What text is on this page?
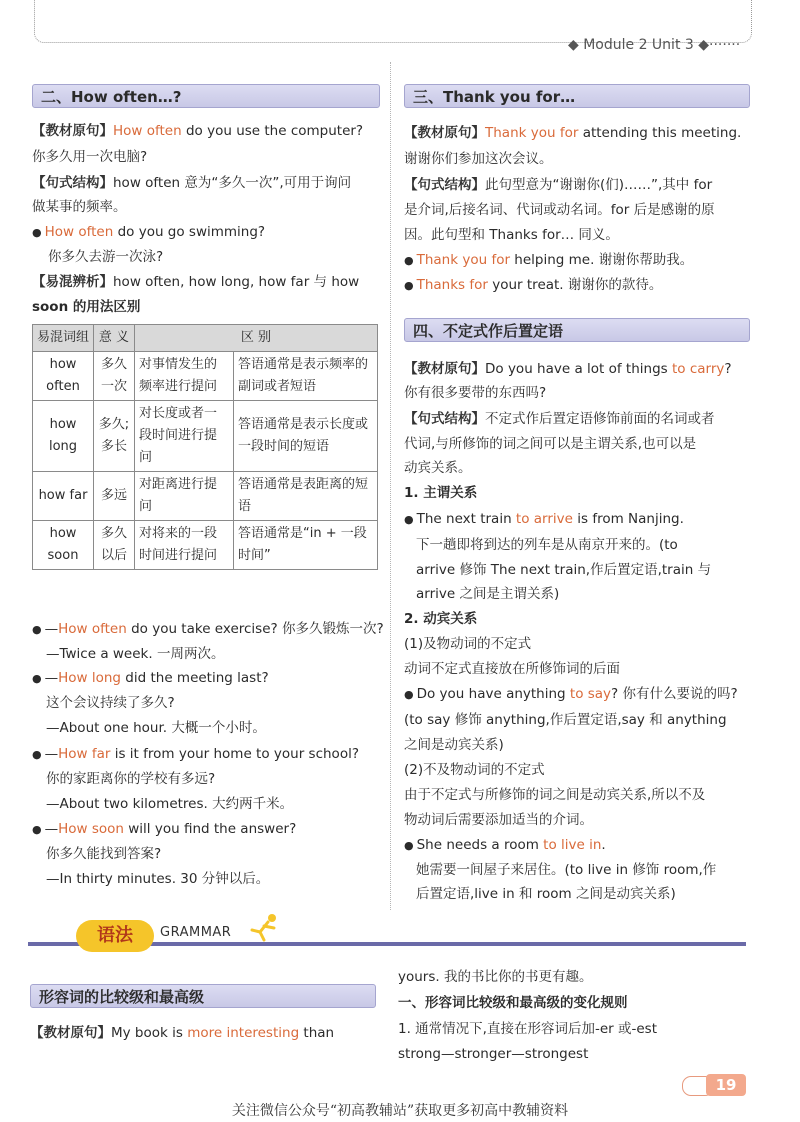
◆ Module 2 Unit 3 ◆·······
二、How often…?
【教材原句】How often do you use the computer?
你多久用一次电脑?
【句式结构】how often 意为“多久一次”,可用于询问
做某事的频率。
● How often do you go swimming?
你多久去游一次泳?
【易混辨析】how often, how long, how far 与 how
soon 的用法区别
易混词组	意 义	区 别	
how often	多久一次	对事情发生的频率进行提问	答语通常是表示频率的副词或者短语
how long	多久;多长	对长度或者一段时间进行提问	答语通常是表示长度或一段时间的短语
how far	多远	对距离进行提问	答语通常是表距离的短语
how soon	多久以后	对将来的一段时间进行提问	答语通常是“in + 一段时间”
● —How often do you take exercise? 你多久锻炼一次?
—Twice a week. 一周两次。
● —How long did the meeting last?
这个会议持续了多久?
—About one hour. 大概一个小时。
● —How far is it from your home to your school?
你的家距离你的学校有多远?
—About two kilometres. 大约两千米。
● —How soon will you find the answer?
你多久能找到答案?
—In thirty minutes. 30 分钟以后。
三、Thank you for…
【教材原句】Thank you for attending this meeting.
谢谢你们参加这次会议。
【句式结构】此句型意为“谢谢你(们)……”,其中 for
是介词,后接名词、代词或动名词。for 后是感谢的原
因。此句型和 Thanks for… 同义。
● Thank you for helping me. 谢谢你帮助我。
● Thanks for your treat. 谢谢你的款待。
四、不定式作后置定语
【教材原句】Do you have a lot of things to carry?
你有很多要带的东西吗?
【句式结构】不定式作后置定语修饰前面的名词或者
代词,与所修饰的词之间可以是主谓关系,也可以是
动宾关系。
1. 主谓关系
● The next train to arrive is from Nanjing.
下一趟即将到达的列车是从南京开来的。(to
arrive 修饰 The next train,作后置定语,train 与
arrive 之间是主谓关系)
2. 动宾关系
(1)及物动词的不定式
动词不定式直接放在所修饰词的后面
● Do you have anything to say? 你有什么要说的吗?
(to say 修饰 anything,作后置定语,say 和 anything
之间是动宾关系)
(2)不及物动词的不定式
由于不定式与所修饰的词之间是动宾关系,所以不及
物动词后需要添加适当的介词。
● She needs a room to live in.
她需要一间屋子来居住。(to live in 修饰 room,作
后置定语,live in 和 room 之间是动宾关系)
语法	GRAMMAR
形容词的比较级和最高级
【教材原句】My book is more interesting than
yours. 我的书比你的书更有趣。
一、形容词比较级和最高级的变化规则
1. 通常情况下,直接在形容词后加-er 或-est
strong—stronger—strongest
19
关注微信公众号“初高教辅站”获取更多初高中教辅资料
